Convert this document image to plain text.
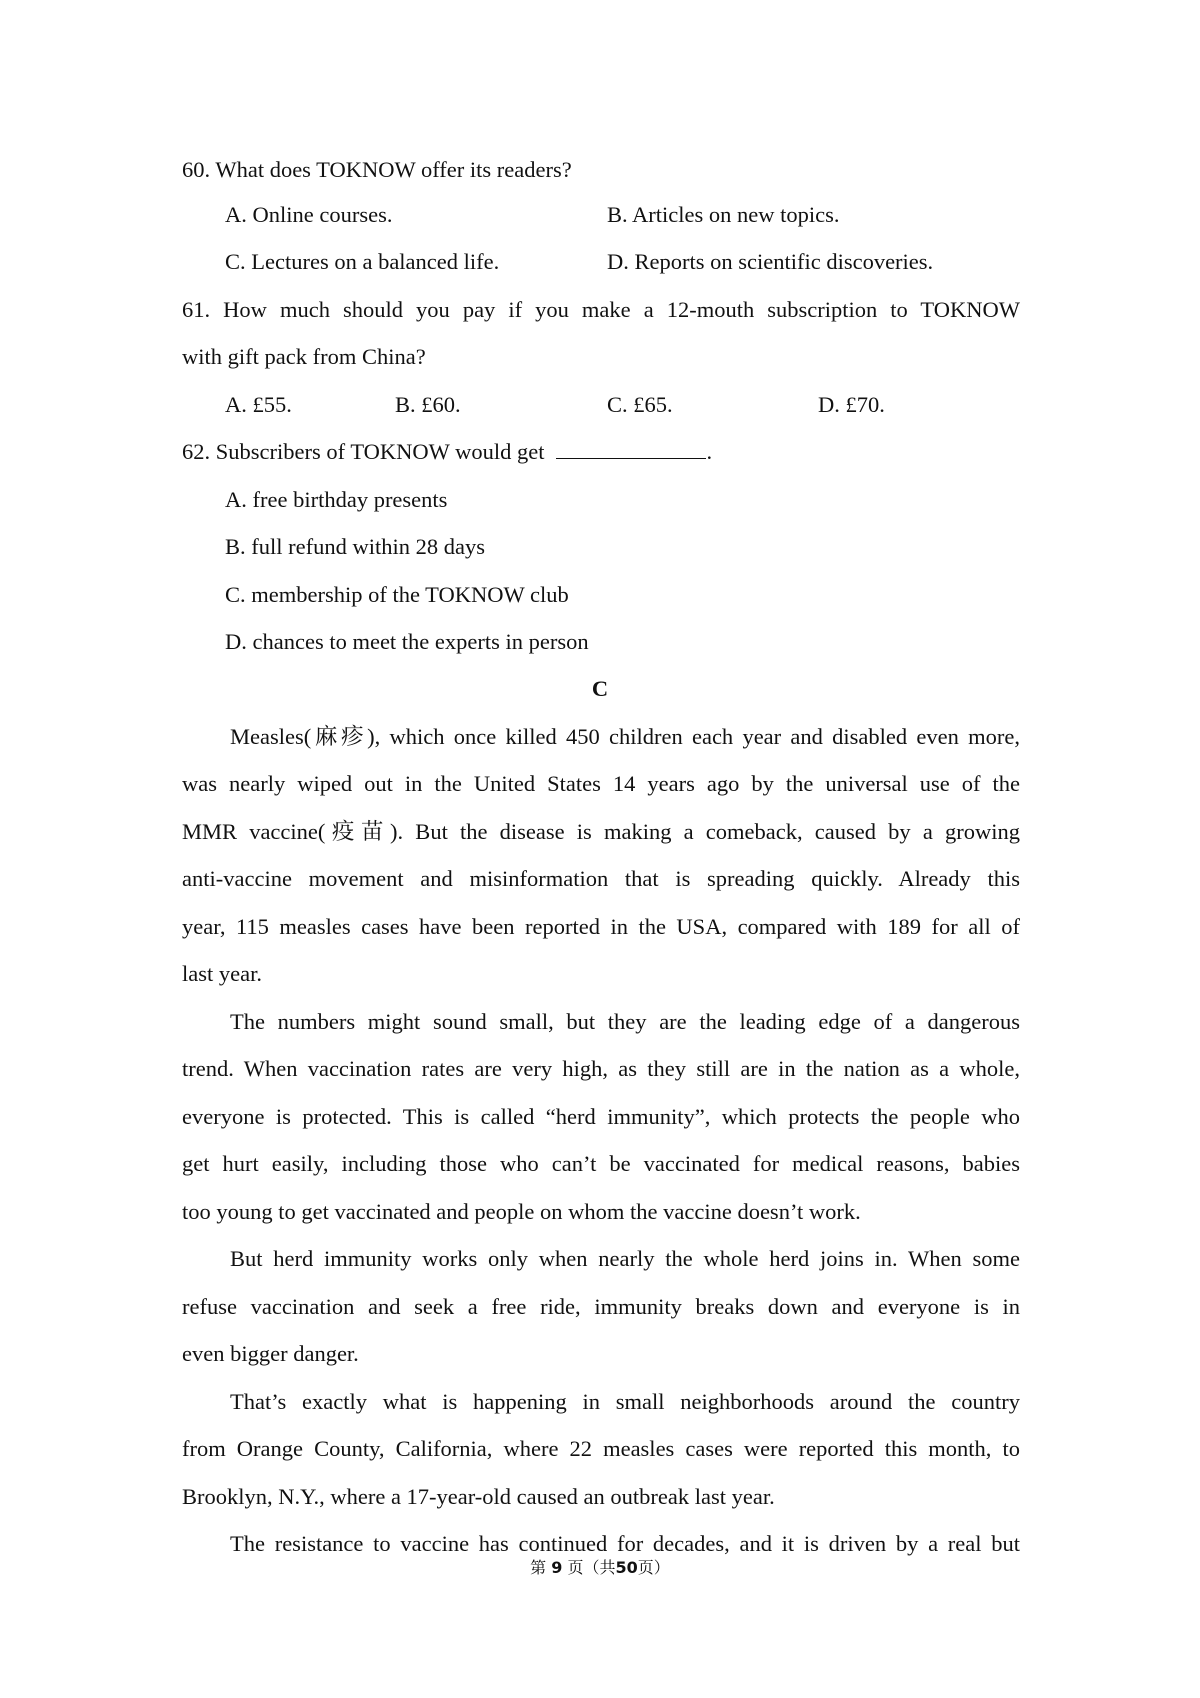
60. What does TOKNOW offer its readers?
A. Online courses.	B. Articles on new topics.
C. Lectures on a balanced life.	D. Reports on scientific discoveries.
61. How much should you pay if you make a 12-mouth subscription to TOKNOW
with gift pack from China?
A. £55.	B. £60.	C. £65.	D. £70.
62. Subscribers of TOKNOW would get	.
A. free birthday presents
B. full refund within 28 days
C. membership of the TOKNOW club
D. chances to meet the experts in person
C
Measles(麻疹), which once killed 450 children each year and disabled even more,
was nearly wiped out in the United States 14 years ago by the universal use of the
MMR vaccine(疫苗). But the disease is making a comeback, caused by a growing
anti-vaccine movement and misinformation that is spreading quickly. Already this
year, 115 measles cases have been reported in the USA, compared with 189 for all of
last year.
The numbers might sound small, but they are the leading edge of a dangerous
trend. When vaccination rates are very high, as they still are in the nation as a whole,
everyone is protected. This is called “herd immunity”, which protects the people who
get hurt easily, including those who can’t be vaccinated for medical reasons, babies
too young to get vaccinated and people on whom the vaccine doesn’t work.
But herd immunity works only when nearly the whole herd joins in. When some
refuse vaccination and seek a free ride, immunity breaks down and everyone is in
even bigger danger.
That’s exactly what is happening in small neighborhoods around the country
from Orange County, California, where 22 measles cases were reported this month, to
Brooklyn, N.Y., where a 17-year-old caused an outbreak last year.
The resistance to vaccine has continued for decades, and it is driven by a real but
第 9 页（共50页）
